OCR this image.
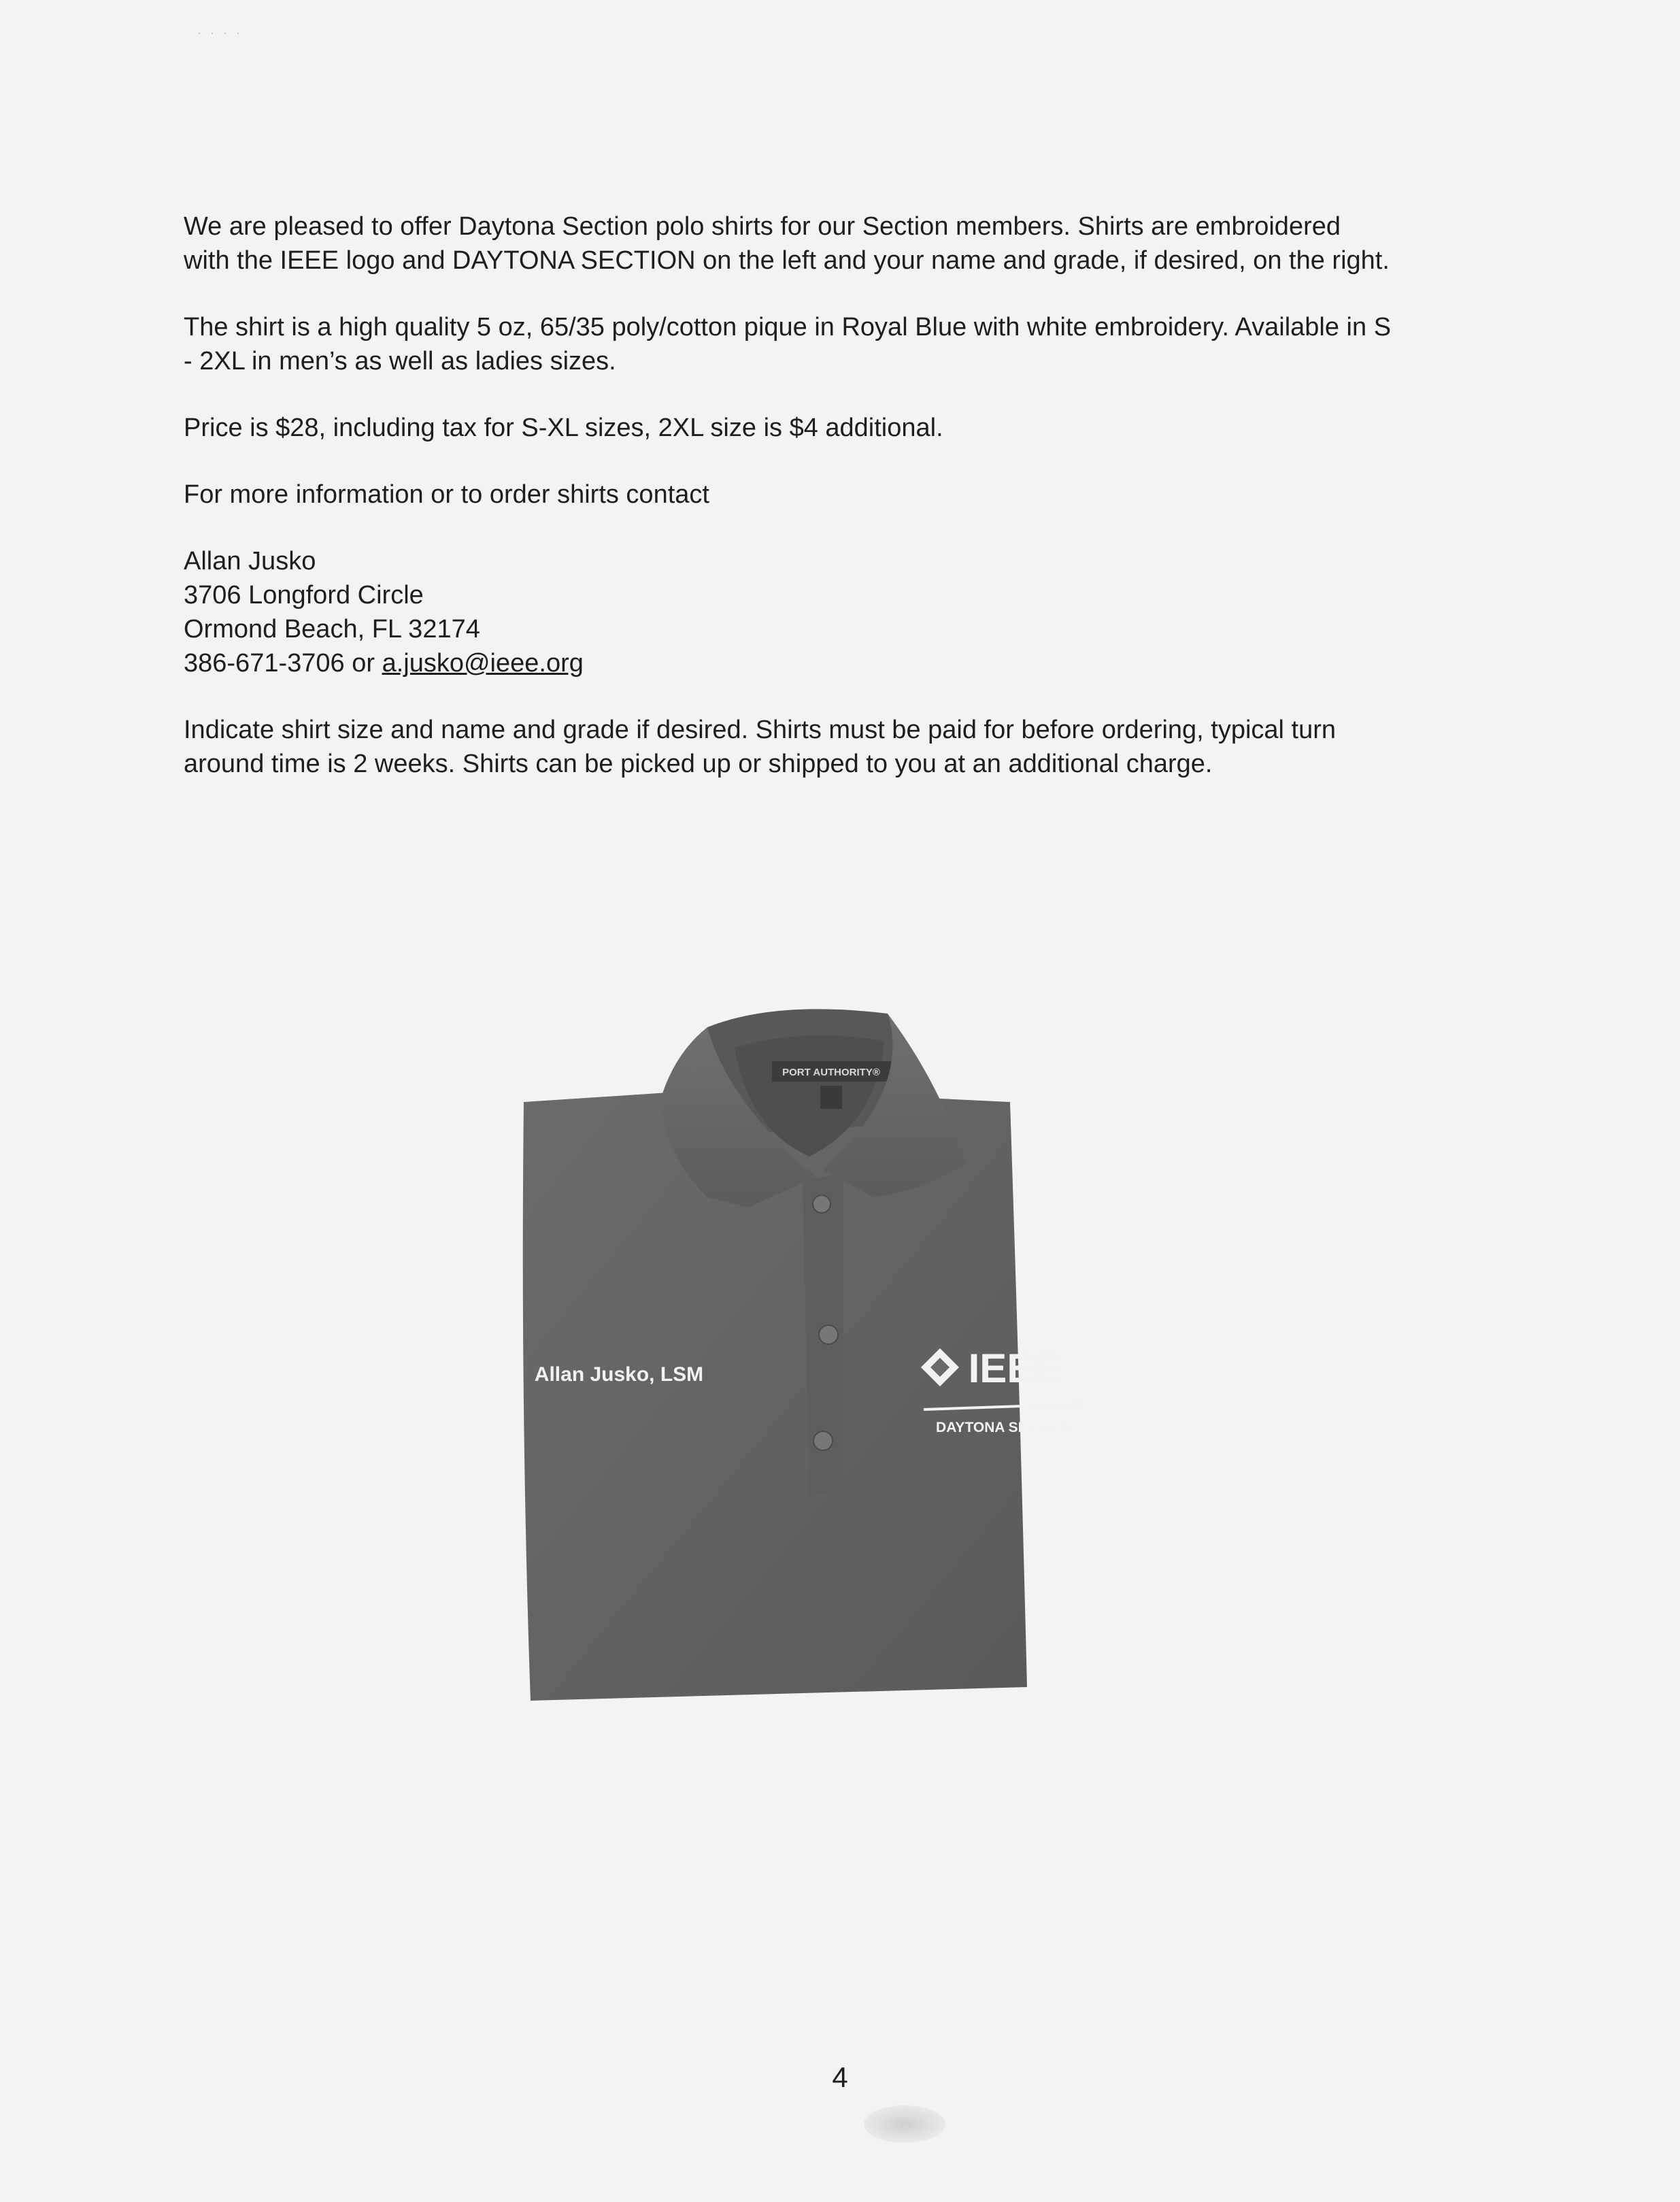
· · · ·

We are pleased to offer Daytona Section polo shirts for our Section members. Shirts are embroidered
with the IEEE logo and DAYTONA SECTION on the left and your name and grade, if desired, on the right.

The shirt is a high quality 5 oz, 65/35 poly/cotton pique in Royal Blue with white embroidery. Available in S
- 2XL in men’s as well as ladies sizes.

Price is $28, including tax for S-XL sizes, 2XL size is $4 additional.

For more information or to order shirts contact

Allan Jusko
3706 Longford Circle
Ormond Beach, FL 32174
386-671-3706 or a.jusko@ieee.org

Indicate shirt size and name and grade if desired. Shirts must be paid for before ordering, typical turn
around time is 2 weeks. Shirts can be picked up or shipped to you at an additional charge.

PORT AUTHORITY®
Allan Jusko, LSM	IEEE
DAYTONA SECTION
4
